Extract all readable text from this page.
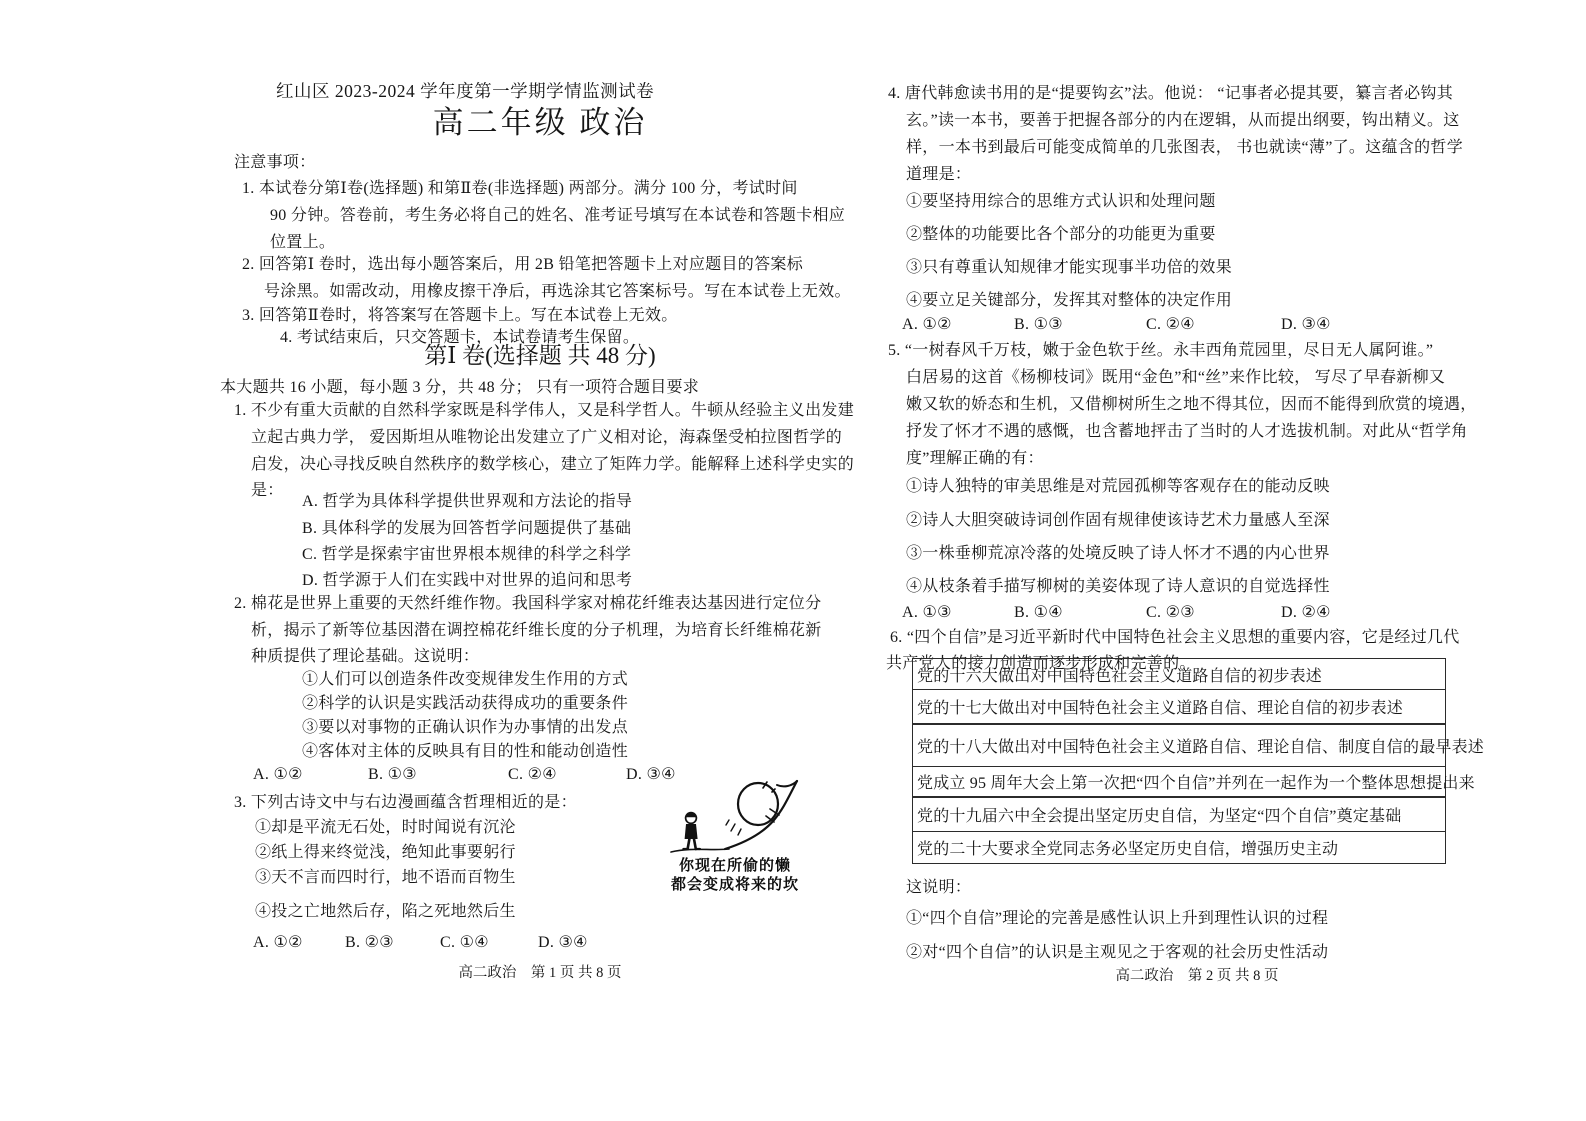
红山区 2023-2024 学年度第一学期学情监测试卷
高二年级 政治
注意事项：
1. 本试卷分第Ⅰ卷(选择题) 和第Ⅱ卷(非选择题) 两部分。满分 100 分，考试时间
90 分钟。答卷前，考生务必将自己的姓名、准考证号填写在本试卷和答题卡相应
位置上。
2. 回答第Ⅰ 卷时，选出每小题答案后，用 2B 铅笔把答题卡上对应题目的答案标
号涂黑。如需改动，用橡皮擦干净后，再选涂其它答案标号。写在本试卷上无效。
3. 回答第Ⅱ卷时，将答案写在答题卡上。写在本试卷上无效。
4. 考试结束后，只交答题卡，本试卷请考生保留。
第Ⅰ 卷(选择题 共 48 分)
本大题共 16 小题，每小题 3 分，共 48 分； 只有一项符合题目要求
1. 不少有重大贡献的自然科学家既是科学伟人，又是科学哲人。牛顿从经验主义出发建
立起古典力学， 爱因斯坦从唯物论出发建立了广义相对论，海森堡受柏拉图哲学的
启发，决心寻找反映自然秩序的数学核心，建立了矩阵力学。能解释上述科学史实的
是：
A. 哲学为具体科学提供世界观和方法论的指导
B. 具体科学的发展为回答哲学问题提供了基础
C. 哲学是探索宇宙世界根本规律的科学之科学
D. 哲学源于人们在实践中对世界的追问和思考
2. 棉花是世界上重要的天然纤维作物。我国科学家对棉花纤维表达基因进行定位分
析，揭示了新等位基因潜在调控棉花纤维长度的分子机理，为培育长纤维棉花新
种质提供了理论基础。这说明：
①人们可以创造条件改变规律发生作用的方式
②科学的认识是实践活动获得成功的重要条件
③要以对事物的正确认识作为办事情的出发点
④客体对主体的反映具有目的性和能动创造性
A. ①②	B. ①③	C. ②④	D. ③④
3. 下列古诗文中与右边漫画蕴含哲理相近的是：
①却是平流无石处，时时闻说有沉沦
②纸上得来终觉浅，绝知此事要躬行
③天不言而四时行，地不语而百物生
④投之亡地然后存，陷之死地然后生
A. ①②	B. ②③	C. ①④	D. ③④
你现在所偷的懒
都会变成将来的坎
高二政治　第 1 页 共 8 页
4. 唐代韩愈读书用的是“提要钩玄”法。他说： “记事者必提其要，纂言者必钩其
玄。”读一本书，要善于把握各部分的内在逻辑，从而提出纲要，钩出精义。这
样，一本书到最后可能变成简单的几张图表， 书也就读“薄”了。这蕴含的哲学
道理是：
①要坚持用综合的思维方式认识和处理问题
②整体的功能要比各个部分的功能更为重要
③只有尊重认知规律才能实现事半功倍的效果
④要立足关键部分，发挥其对整体的决定作用
A. ①②	B. ①③	C. ②④	D. ③④
5. “一树春风千万枝，嫩于金色软于丝。永丰西角荒园里，尽日无人属阿谁。”
白居易的这首《杨柳枝词》既用“金色”和“丝”来作比较， 写尽了早春新柳又
嫩又软的娇态和生机，又借柳树所生之地不得其位，因而不能得到欣赏的境遇，
抒发了怀才不遇的感慨，也含蓄地抨击了当时的人才选拔机制。对此从“哲学角
度”理解正确的有：
①诗人独特的审美思维是对荒园孤柳等客观存在的能动反映
②诗人大胆突破诗词创作固有规律使该诗艺术力量感人至深
③一株垂柳荒凉冷落的处境反映了诗人怀才不遇的内心世界
④从枝条着手描写柳树的美姿体现了诗人意识的自觉选择性
A. ①③	B. ①④	C. ②③	D. ②④
6. “四个自信”是习近平新时代中国特色社会主义思想的重要内容，它是经过几代
共产党人的接力创造而逐步形成和完善的。
党的十六大做出对中国特色社会主义道路自信的初步表述
党的十七大做出对中国特色社会主义道路自信、理论自信的初步表述
党的十八大做出对中国特色社会主义道路自信、理论自信、制度自信的最早表述
党成立 95 周年大会上第一次把“四个自信”并列在一起作为一个整体思想提出来
党的十九届六中全会提出坚定历史自信，为坚定“四个自信”奠定基础
党的二十大要求全党同志务必坚定历史自信，增强历史主动
这说明：
①“四个自信”理论的完善是感性认识上升到理性认识的过程
②对“四个自信”的认识是主观见之于客观的社会历史性活动
高二政治　第 2 页 共 8 页
